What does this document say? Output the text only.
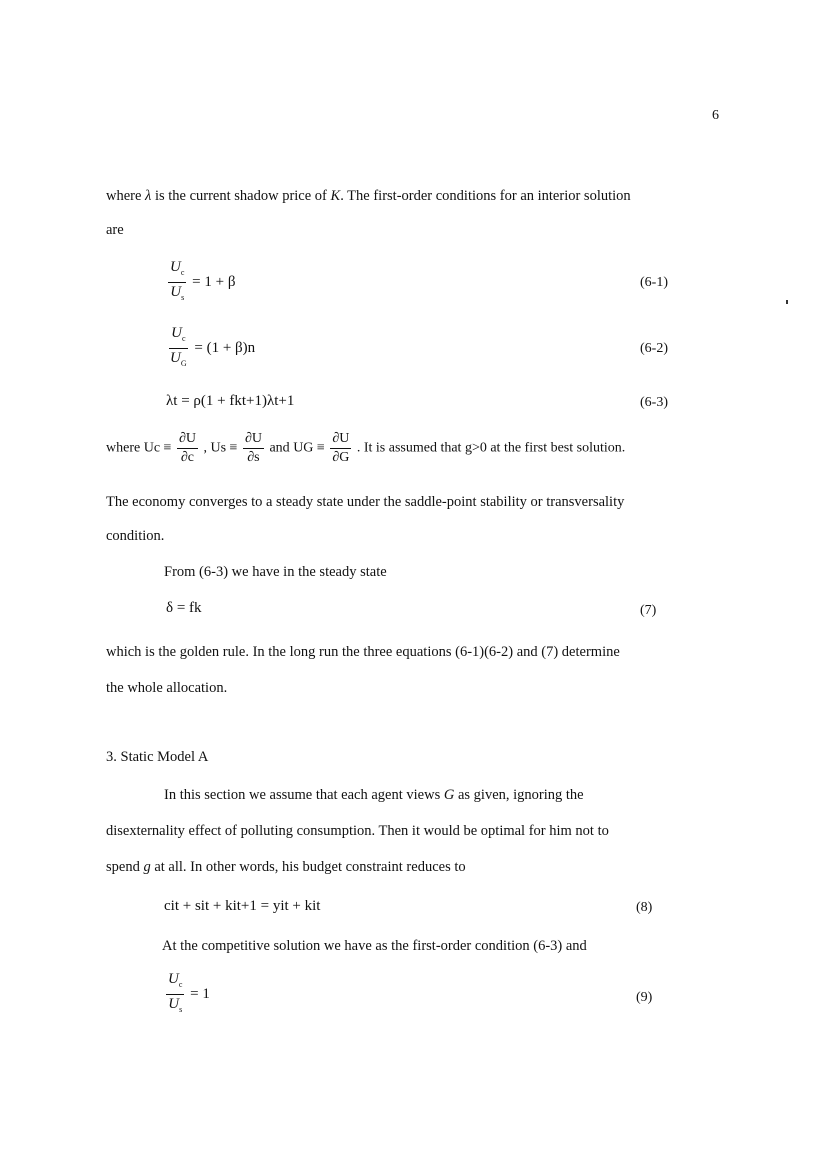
6
where λ is the current shadow price of K. The first-order conditions for an interior solution
are
$\frac{U_c}{U_s} = 1 + \beta$	(6-1)
$\frac{U_c}{U_G} = (1 + \beta)n$	(6-2)
λt = ρ(1 + fkt+1)λt+1	(6-3)
where $Uc \equiv \frac{\partial U}{\partial c}$ , $Us \equiv \frac{\partial U}{\partial s}$ and UG ≡ $\frac{\partial U}{\partial G}$ . It is assumed that g>0 at the first best solution.
The economy converges to a steady state under the saddle-point stability or transversality
condition.
From (6-3) we have in the steady state
δ = fk	(7)
which is the golden rule. In the long run the three equations (6-1)(6-2) and (7) determine
the whole allocation.
3. Static Model A
In this section we assume that each agent views G as given, ignoring the
disexternality effect of polluting consumption. Then it would be optimal for him not to
spend g at all. In other words, his budget constraint reduces to
cit + sit + kit+1 = yit + kit	(8)
At the competitive solution we have as the first-order condition (6-3) and
$\frac{U_c}{U_s} = 1$	(9)
